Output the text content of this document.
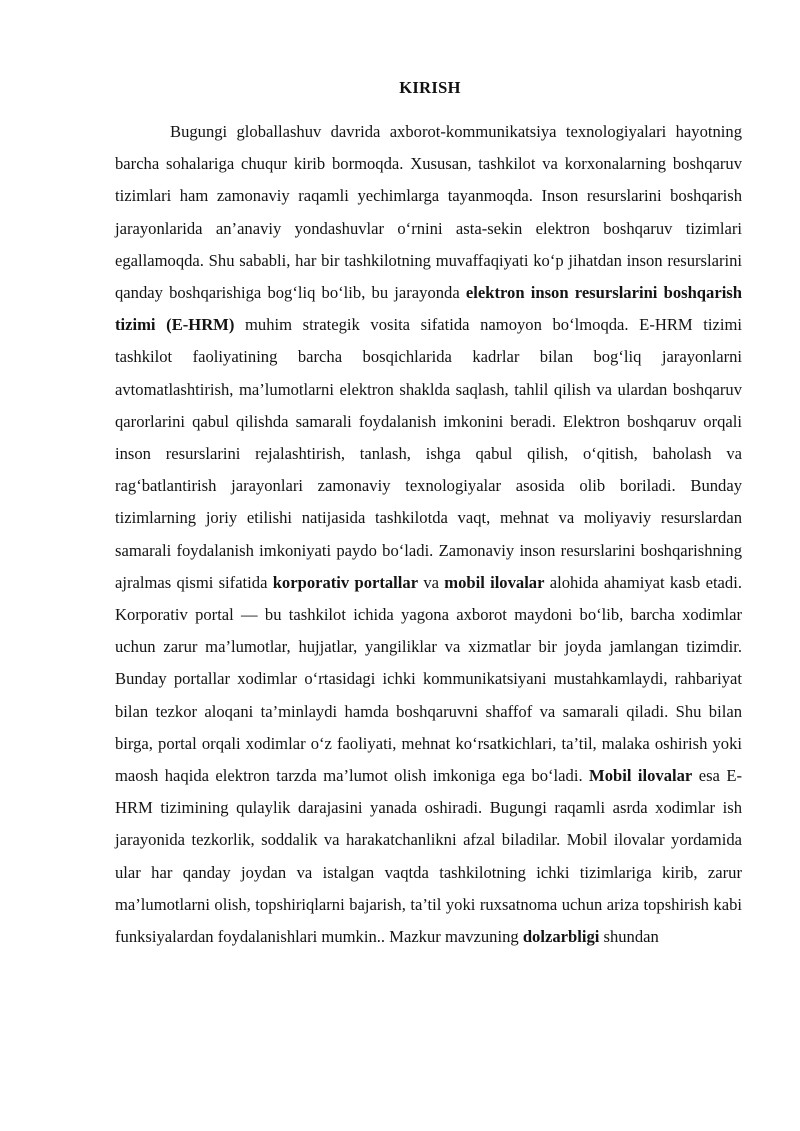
KIRISH

Bugungi globallashuv davrida axborot-kommunikatsiya texnologiyalari hayotning barcha sohalariga chuqur kirib bormoqda. Xususan, tashkilot va korxonalarning boshqaruv tizimlari ham zamonaviy raqamli yechimlarga tayanmoqda. Inson resurslarini boshqarish jarayonlarida an’anaviy yondashuvlar o‘rnini asta-sekin elektron boshqaruv tizimlari egallamoqda. Shu sababli, har bir tashkilotning muvaffaqiyati ko‘p jihatdan inson resurslarini qanday boshqarishiga bog‘liq bo‘lib, bu jarayonda elektron inson resurslarini boshqarish tizimi (E-HRM) muhim strategik vosita sifatida namoyon bo‘lmoqda. E-HRM tizimi tashkilot faoliyatining barcha bosqichlarida kadrlar bilan bog‘liq jarayonlarni avtomatlashtirish, ma’lumotlarni elektron shaklda saqlash, tahlil qilish va ulardan boshqaruv qarorlarini qabul qilishda samarali foydalanish imkonini beradi. Elektron boshqaruv orqali inson resurslarini rejalashtirish, tanlash, ishga qabul qilish, o‘qitish, baholash va rag‘batlantirish jarayonlari zamonaviy texnologiyalar asosida olib boriladi. Bunday tizimlarning joriy etilishi natijasida tashkilotda vaqt, mehnat va moliyaviy resurslardan samarali foydalanish imkoniyati paydo bo‘ladi. Zamonaviy inson resurslarini boshqarishning ajralmas qismi sifatida korporativ portallar va mobil ilovalar alohida ahamiyat kasb etadi. Korporativ portal — bu tashkilot ichida yagona axborot maydoni bo‘lib, barcha xodimlar uchun zarur ma’lumotlar, hujjatlar, yangiliklar va xizmatlar bir joyda jamlangan tizimdir. Bunday portallar xodimlar o‘rtasidagi ichki kommunikatsiyani mustahkamlaydi, rahbariyat bilan tezkor aloqani ta’minlaydi hamda boshqaruvni shaffof va samarali qiladi. Shu bilan birga, portal orqali xodimlar o‘z faoliyati, mehnat ko‘rsatkichlari, ta’til, malaka oshirish yoki maosh haqida elektron tarzda ma’lumot olish imkoniga ega bo‘ladi. Mobil ilovalar esa E-HRM tizimining qulaylik darajasini yanada oshiradi. Bugungi raqamli asrda xodimlar ish jarayonida tezkorlik, soddalik va harakatchanlikni afzal biladilar. Mobil ilovalar yordamida ular har qanday joydan va istalgan vaqtda tashkilotning ichki tizimlariga kirib, zarur ma’lumotlarni olish, topshiriqlarni bajarish, ta’til yoki ruxsatnoma uchun ariza topshirish kabi funksiyalardan foydalanishlari mumkin.. Mazkur mavzuning dolzarbligi shundan
